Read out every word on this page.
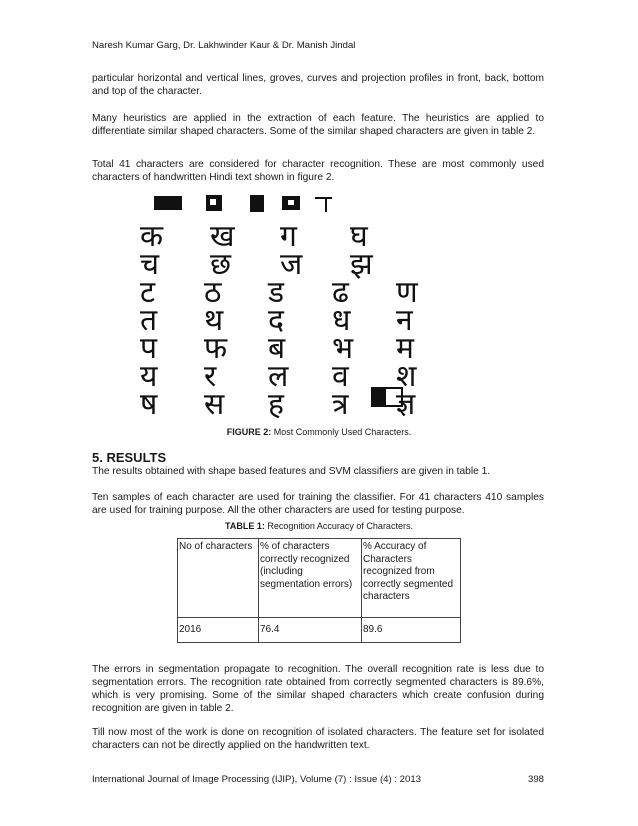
Naresh Kumar Garg, Dr. Lakhwinder Kaur & Dr. Manish Jindal

particular horizontal and vertical lines, groves, curves and projection profiles in front, back, bottom and top of the character.

Many heuristics are applied in the extraction of each feature. The heuristics are applied to differentiate similar shaped characters. Some of the similar shaped characters are given in table 2.

Total 41 characters are considered for character recognition. These are most commonly used characters of handwritten Hindi text shown in figure 2.

क ख ग घ
च छ ज झ
ट ठ ड ढ ण
त थ द ध न
प फ ब भ म
य र ल व श
ष स ह त्र ज्ञ
FIGURE 2: Most Commonly Used Characters.
5. RESULTS

The results obtained with shape based features and SVM classifiers are given in table 1.

Ten samples of each character are used for training the classifier. For 41 characters 410 samples are used for training purpose. All the other characters are used for testing purpose.

TABLE 1: Recognition Accuracy of Characters.
No of characters	% of characters correctly recognized (including segmentation errors)	% Accuracy of Characters recognized from correctly segmented characters
2016	76.4	89.6

The errors in segmentation propagate to recognition. The overall recognition rate is less due to segmentation errors. The recognition rate obtained from correctly segmented characters is 89.6%, which is very promising. Some of the similar shaped characters which create confusion during recognition are given in table 2.

Till now most of the work is done on recognition of isolated characters. The feature set for isolated characters can not be directly applied on the handwritten text.

International Journal of Image Processing (IJIP), Volume (7) : Issue (4) : 2013	398
